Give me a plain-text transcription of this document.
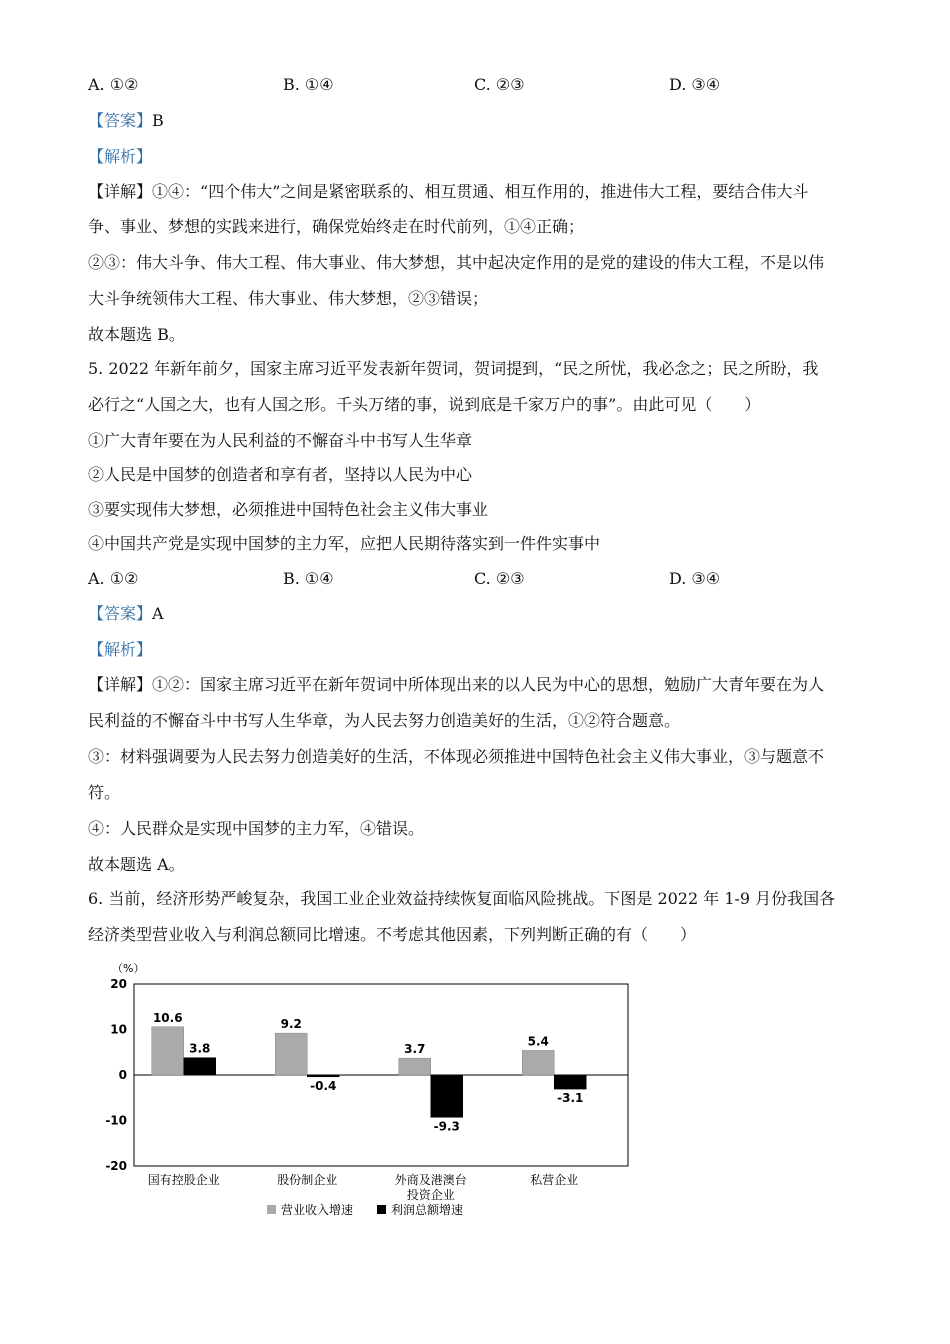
A. ①②	B. ①④	C. ②③	D. ③④
【答案】B
【解析】
【详解】①④：“四个伟大”之间是紧密联系的、相互贯通、相互作用的，推进伟大工程，要结合伟大斗
争、事业、梦想的实践来进行，确保党始终走在时代前列，①④正确；
②③：伟大斗争、伟大工程、伟大事业、伟大梦想，其中起决定作用的是党的建设的伟大工程，不是以伟
大斗争统领伟大工程、伟大事业、伟大梦想，②③错误；
故本题选 B。
5. 2022 年新年前夕，国家主席习近平发表新年贺词，贺词提到，“民之所忧，我必念之；民之所盼，我
必行之“人国之大，也有人国之形。千头万绪的事，说到底是千家万户的事”。由此可见（　　）
①广大青年要在为人民利益的不懈奋斗中书写人生华章
②人民是中国梦的创造者和享有者，坚持以人民为中心
③要实现伟大梦想，必须推进中国特色社会主义伟大事业
④中国共产党是实现中国梦的主力军，应把人民期待落实到一件件实事中
A. ①②	B. ①④	C. ②③	D. ③④
【答案】A
【解析】
【详解】①②：国家主席习近平在新年贺词中所体现出来的以人民为中心的思想，勉励广大青年要在为人
民利益的不懈奋斗中书写人生华章，为人民去努力创造美好的生活，①②符合题意。
③：材料强调要为人民去努力创造美好的生活，不体现必须推进中国特色社会主义伟大事业，③与题意不
符。
④：人民群众是实现中国梦的主力军，④错误。
故本题选 A。
6. 当前，经济形势严峻复杂，我国工业企业效益持续恢复面临风险挑战。下图是 2022 年 1-9 月份我国各
经济类型营业收入与利润总额同比增速。不考虑其他因素，下列判断正确的有（　　）
（%）
20
10
0
-10
-20
10.6
3.8
国有控股企业
9.2
-0.4
股份制企业
3.7
-9.3
外商及港澳台
投资企业
5.4
-3.1
私营企业
营业收入增速	利润总额增速
